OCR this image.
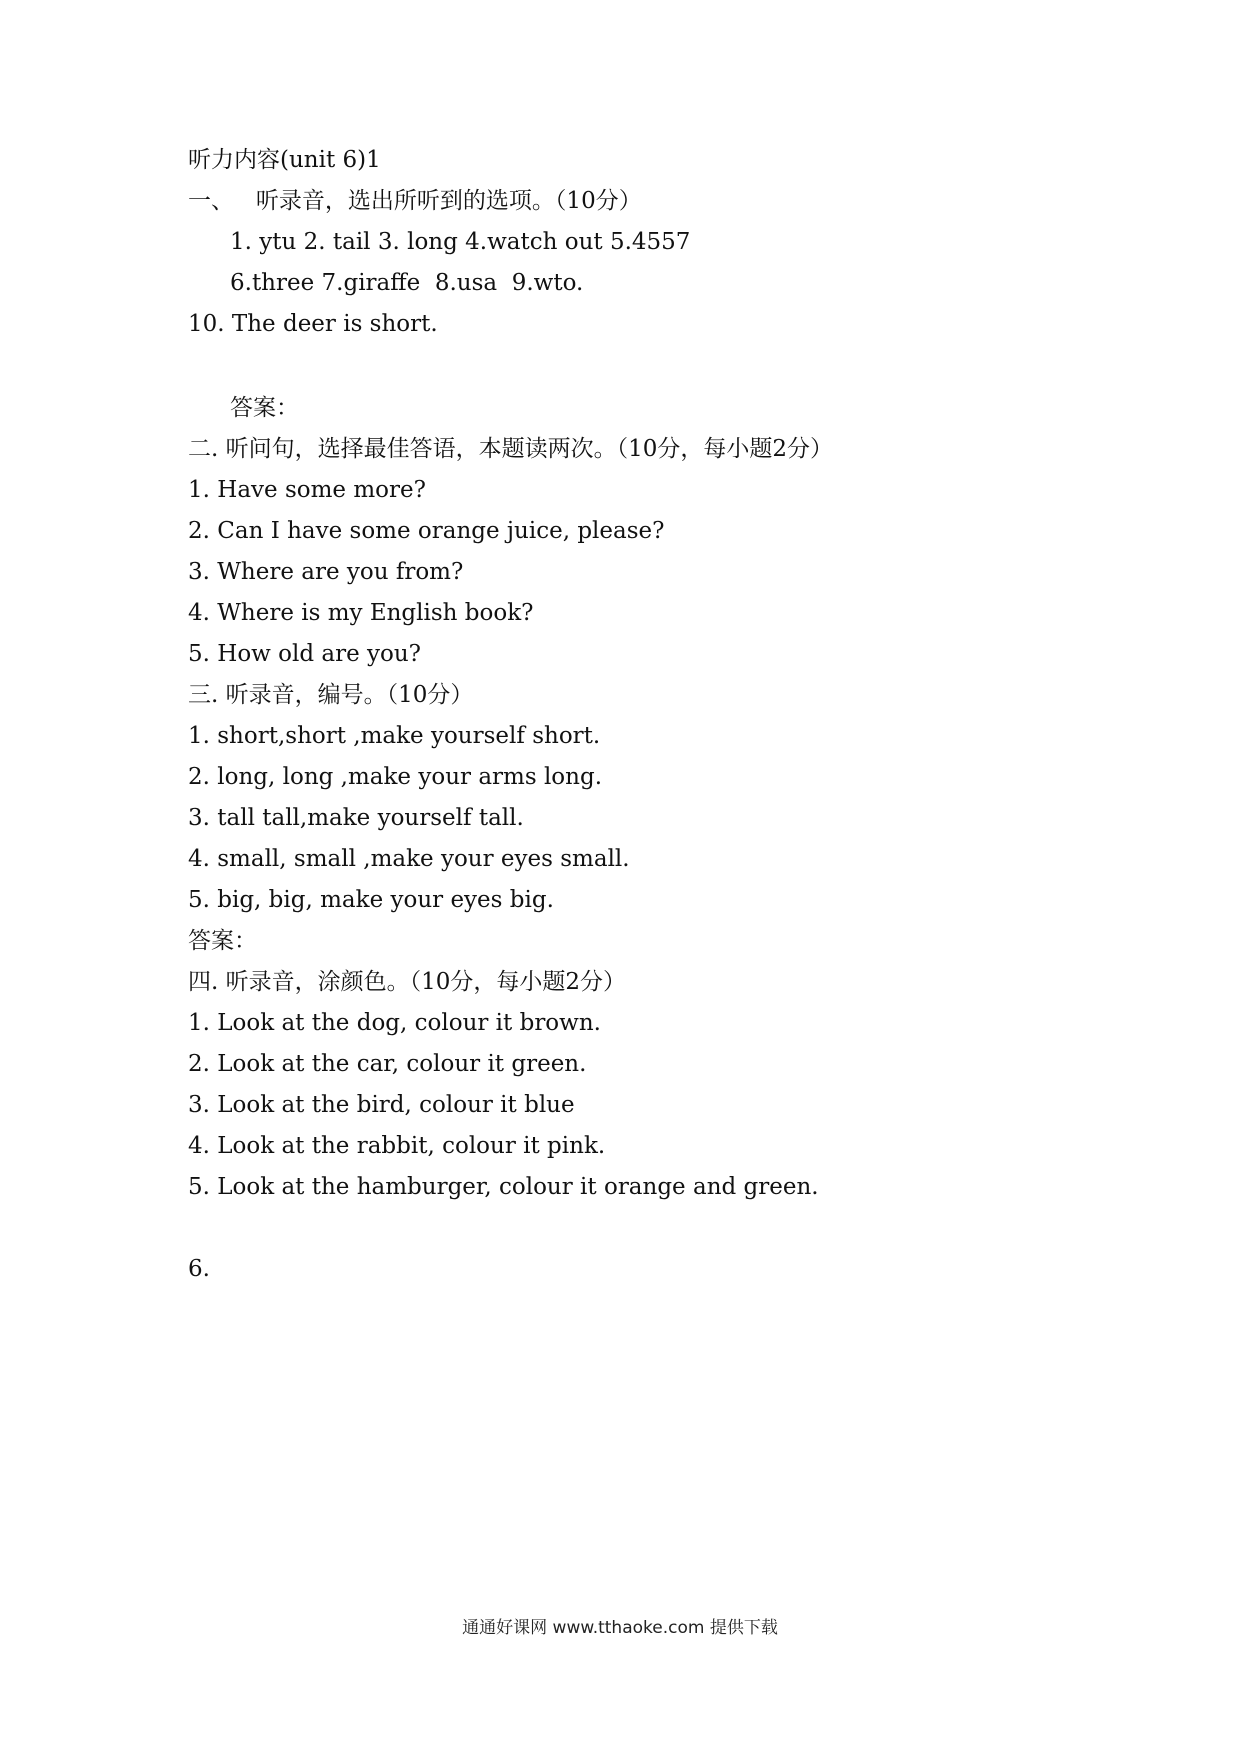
听力内容(unit 6)1
一、   听录音，选出所听到的选项。（10分）
1. ytu 2. tail 3. long 4.watch out 5.4557
6.three 7.giraffe  8.usa  9.wto.
10. The deer is short.
答案：
二. 听问句，选择最佳答语，本题读两次。（10分，每小题2分）
1. Have some more?
2. Can I have some orange juice, please?
3. Where are you from?
4. Where is my English book?
5. How old are you?
三. 听录音，编号。（10分）
1. short,short ,make yourself short.
2. long, long ,make your arms long.
3. tall tall,make yourself tall.
4. small, small ,make your eyes small.
5. big, big, make your eyes big.
答案：
四. 听录音，涂颜色。（10分，每小题2分）
1. Look at the dog, colour it brown.
2. Look at the car, colour it green.
3. Look at the bird, colour it blue
4. Look at the rabbit, colour it pink.
5. Look at the hamburger, colour it orange and green.
6.
通通好课网 www.tthaoke.com 提供下载
